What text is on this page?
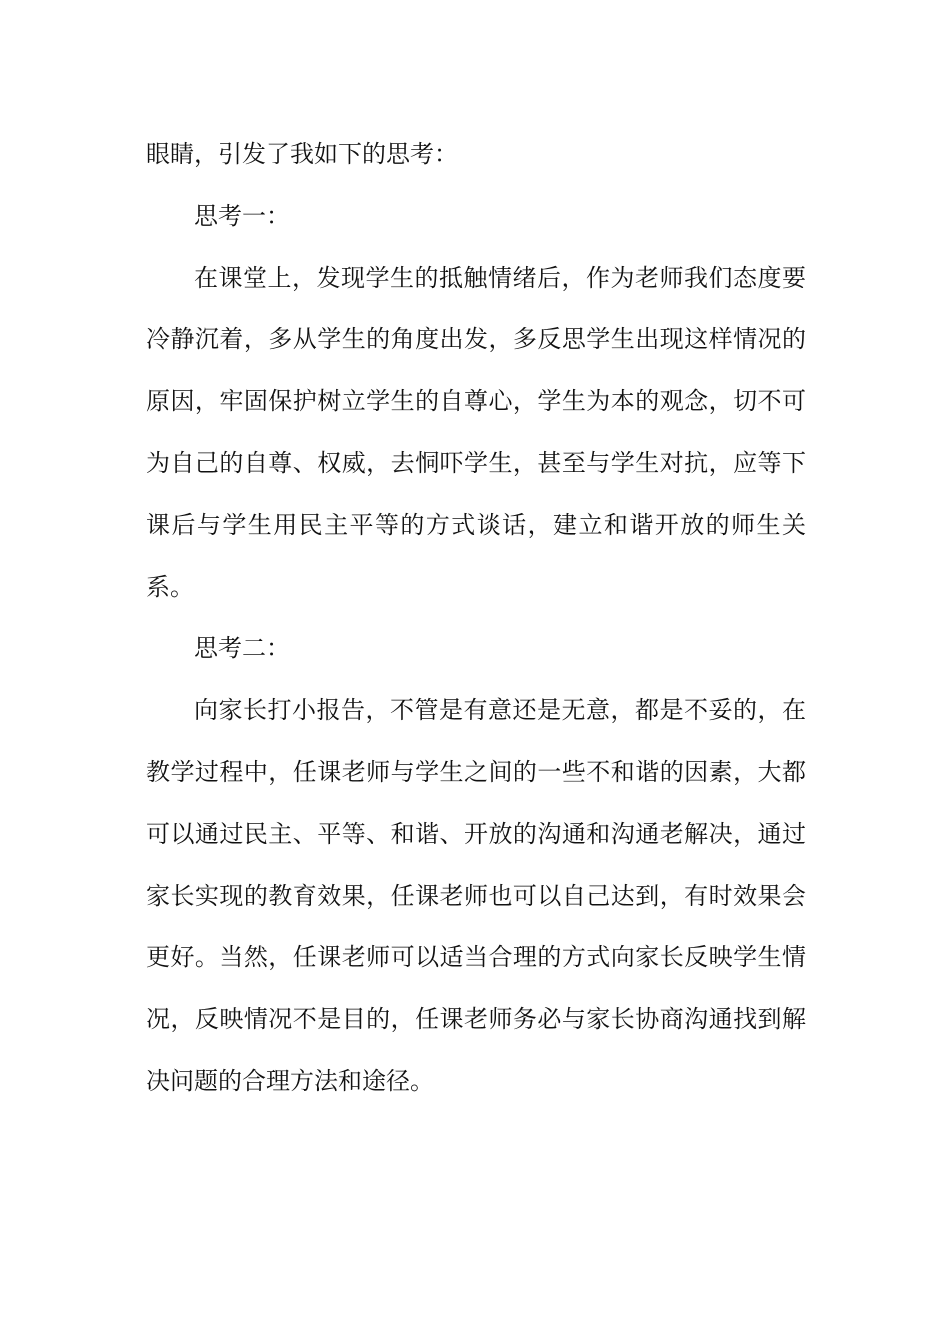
眼睛，引发了我如下的思考：

思考一：

在课堂上，发现学生的抵触情绪后，作为老师我们态度要冷静沉着，多从学生的角度出发，多反思学生出现这样情况的原因，牢固保护树立学生的自尊心，学生为本的观念，切不可为自己的自尊、权威，去恫吓学生，甚至与学生对抗，应等下课后与学生用民主平等的方式谈话，建立和谐开放的师生关系。

思考二：

向家长打小报告，不管是有意还是无意，都是不妥的，在教学过程中，任课老师与学生之间的一些不和谐的因素，大都可以通过民主、平等、和谐、开放的沟通和沟通老解决，通过家长实现的教育效果，任课老师也可以自己达到，有时效果会更好。当然，任课老师可以适当合理的方式向家长反映学生情况，反映情况不是目的，任课老师务必与家长协商沟通找到解决问题的合理方法和途径。
